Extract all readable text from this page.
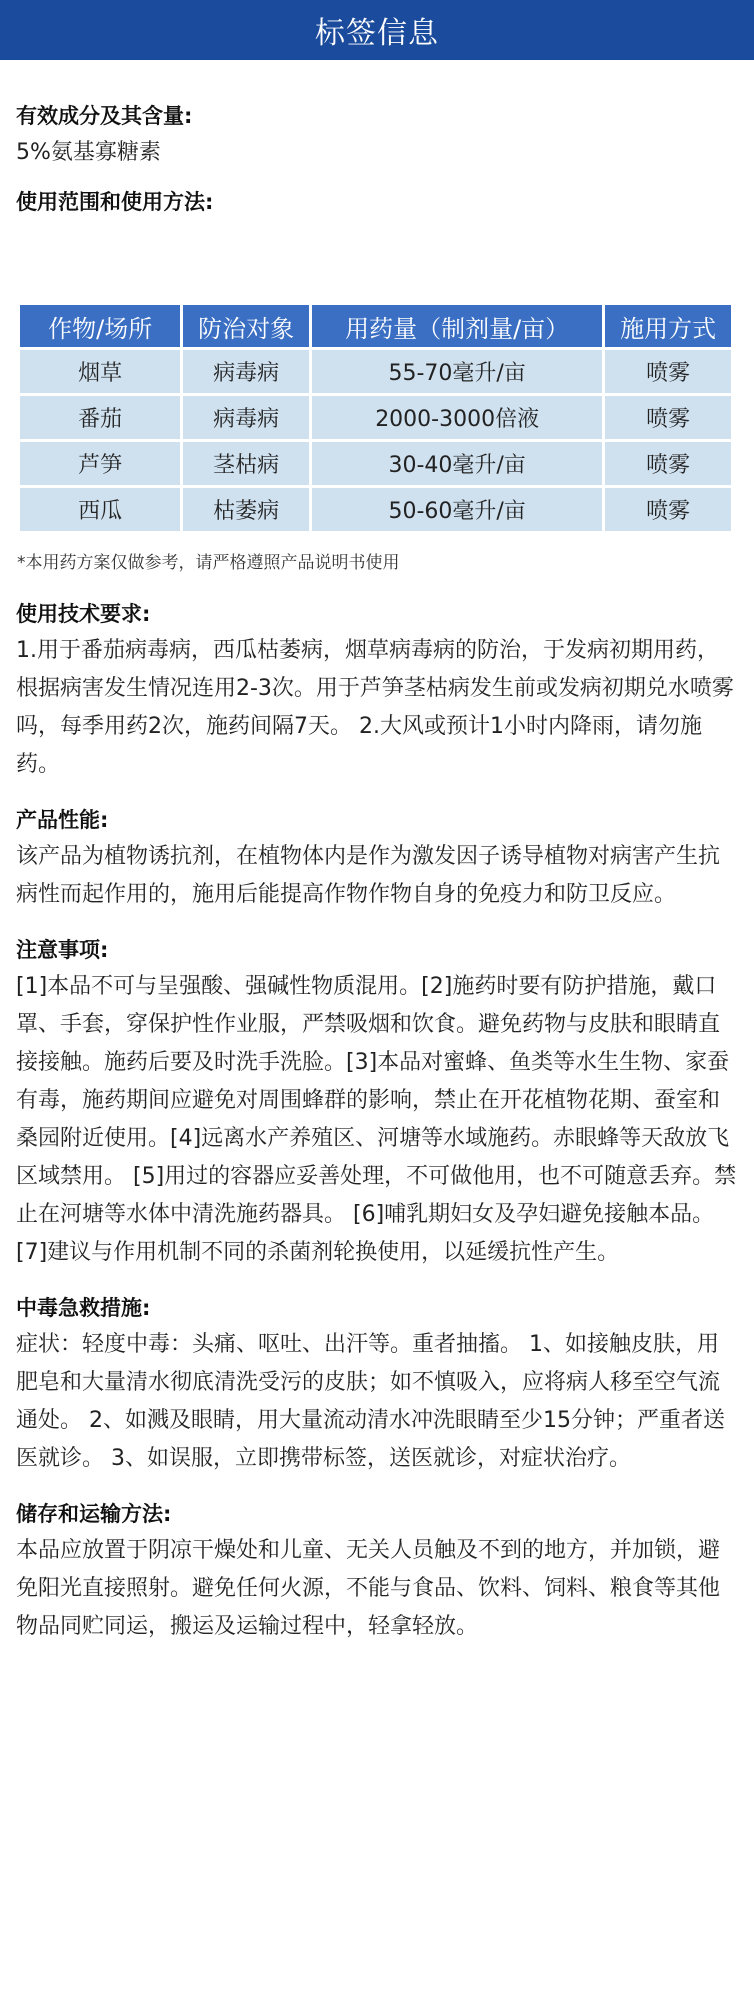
标签信息
有效成分及其含量:
5%氨基寡糖素
使用范围和使用方法:
作物/场所	防治对象	用药量（制剂量/亩）	施用方式
烟草	病毒病	55-70毫升/亩	喷雾
番茄	病毒病	2000-3000倍液	喷雾
芦笋	茎枯病	30-40毫升/亩	喷雾
西瓜	枯萎病	50-60毫升/亩	喷雾
*本用药方案仅做参考，请严格遵照产品说明书使用
使用技术要求:
1.用于番茄病毒病，西瓜枯萎病，烟草病毒病的防治，于发病初期用药，根据病害发生情况连用2-3次。用于芦笋茎枯病发生前或发病初期兑水喷雾吗，每季用药2次，施药间隔7天。 2.大风或预计1小时内降雨，请勿施药。
产品性能:
该产品为植物诱抗剂，在植物体内是作为激发因子诱导植物对病害产生抗病性而起作用的，施用后能提高作物作物自身的免疫力和防卫反应。
注意事项:
[1]本品不可与呈强酸、强碱性物质混用。[2]施药时要有防护措施，戴口罩、手套，穿保护性作业服，严禁吸烟和饮食。避免药物与皮肤和眼睛直接接触。施药后要及时洗手洗脸。[3]本品对蜜蜂、鱼类等水生生物、家蚕有毒，施药期间应避免对周围蜂群的影响，禁止在开花植物花期、蚕室和桑园附近使用。[4]远离水产养殖区、河塘等水域施药。赤眼蜂等天敌放飞区域禁用。 [5]用过的容器应妥善处理，不可做他用，也不可随意丢弃。禁止在河塘等水体中清洗施药器具。 [6]哺乳期妇女及孕妇避免接触本品。 [7]建议与作用机制不同的杀菌剂轮换使用，以延缓抗性产生。
中毒急救措施:
症状：轻度中毒：头痛、呕吐、出汗等。重者抽搐。 1、如接触皮肤，用肥皂和大量清水彻底清洗受污的皮肤；如不慎吸入，应将病人移至空气流通处。 2、如溅及眼睛，用大量流动清水冲洗眼睛至少15分钟；严重者送医就诊。 3、如误服，立即携带标签，送医就诊，对症状治疗。
储存和运输方法:
本品应放置于阴凉干燥处和儿童、无关人员触及不到的地方，并加锁，避免阳光直接照射。避免任何火源，不能与食品、饮料、饲料、粮食等其他物品同贮同运，搬运及运输过程中，轻拿轻放。
